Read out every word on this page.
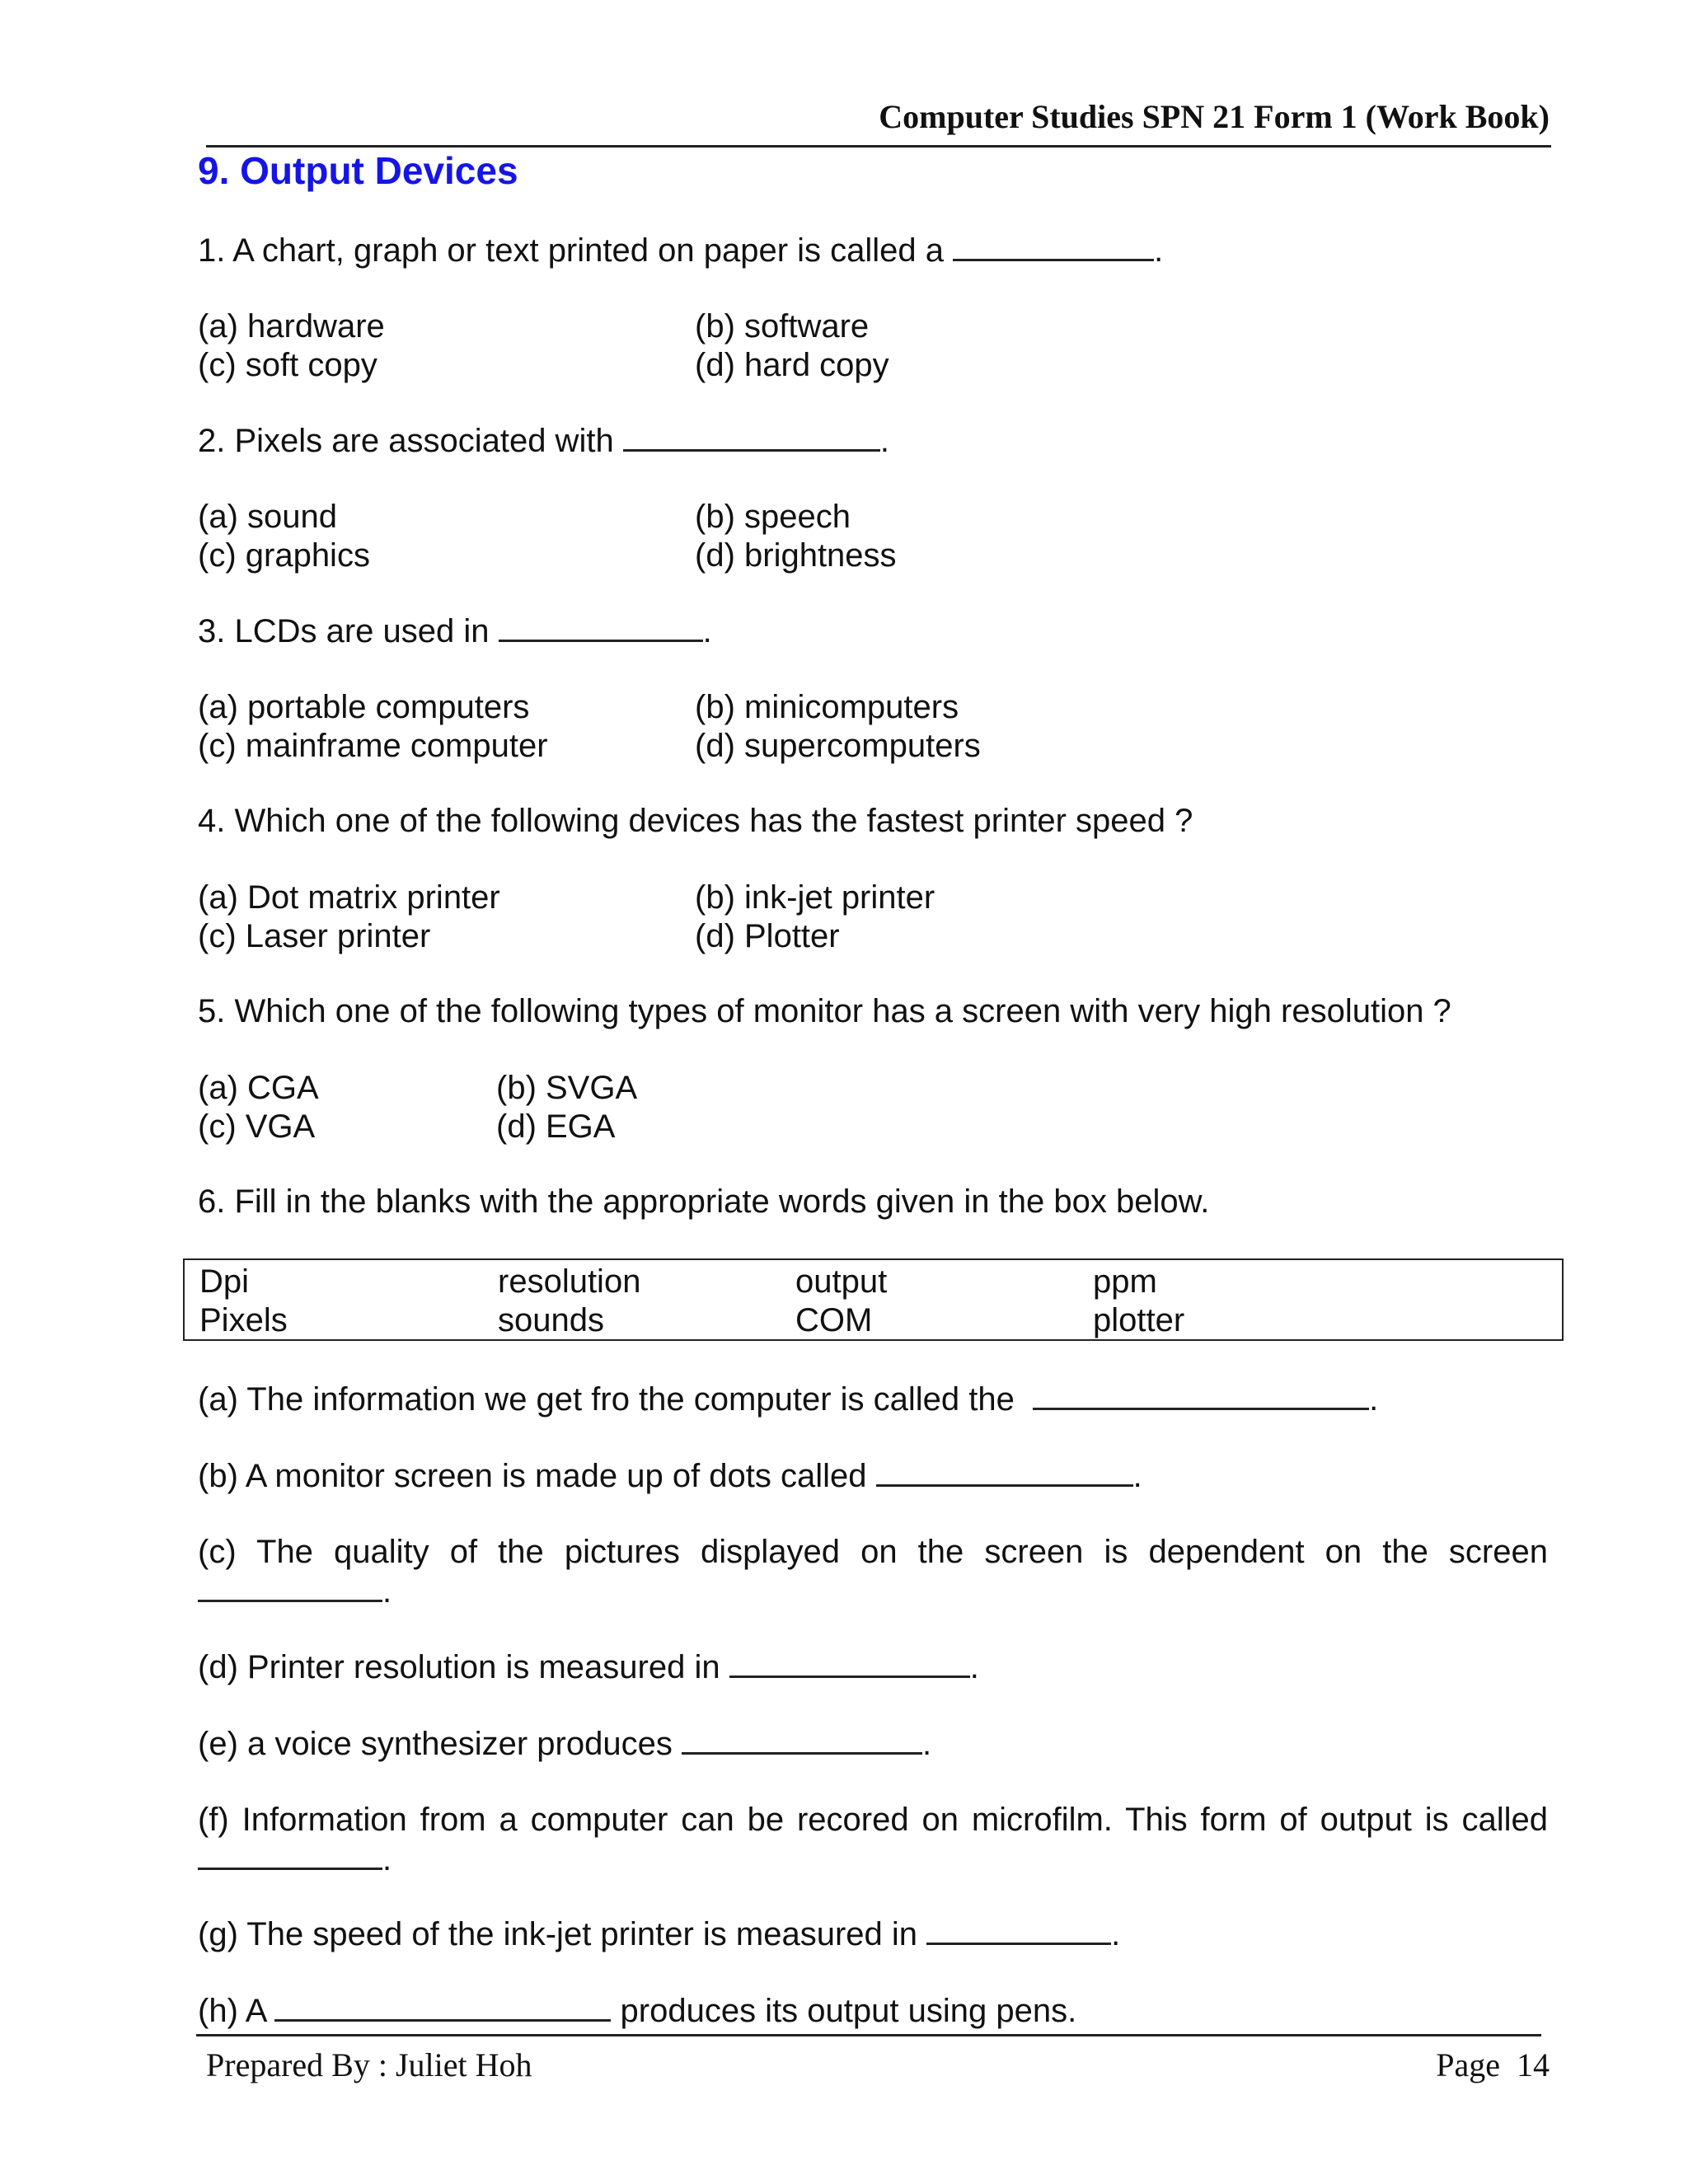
Computer Studies SPN 21 Form 1 (Work Book)
9. Output Devices
1. A chart, graph or text printed on paper is called a	.
(a) hardware	(b) software
(c) soft copy	(d) hard copy
2. Pixels are associated with	.
(a) sound	(b) speech
(c) graphics	(d) brightness
3. LCDs are used in	.
(a) portable computers	(b) minicomputers
(c) mainframe computer	(d) supercomputers
4. Which one of the following devices has the fastest printer speed ?
(a) Dot matrix printer	(b) ink-jet printer
(c) Laser printer	(d) Plotter
5. Which one of the following types of monitor has a screen with very high resolution ?
(a) CGA	(b) SVGA
(c) VGA	(d) EGA
6. Fill in the blanks with the appropriate words given in the box below.
Dpi	resolution	output	ppm
Pixels	sounds	COM	plotter
(a) The information we get fro the computer is called the	.
(b) A monitor screen is made up of dots called	.
(c) The quality of the pictures displayed on the screen is dependent on the screen
.
(d) Printer resolution is measured in	.
(e) a voice synthesizer produces	.
(f) Information from a computer can be recored on microfilm. This form of output is called
.
(g) The speed of the ink-jet printer is measured in	.
(h) A	produces its output using pens.
Prepared By : Juliet Hoh	Page  14
